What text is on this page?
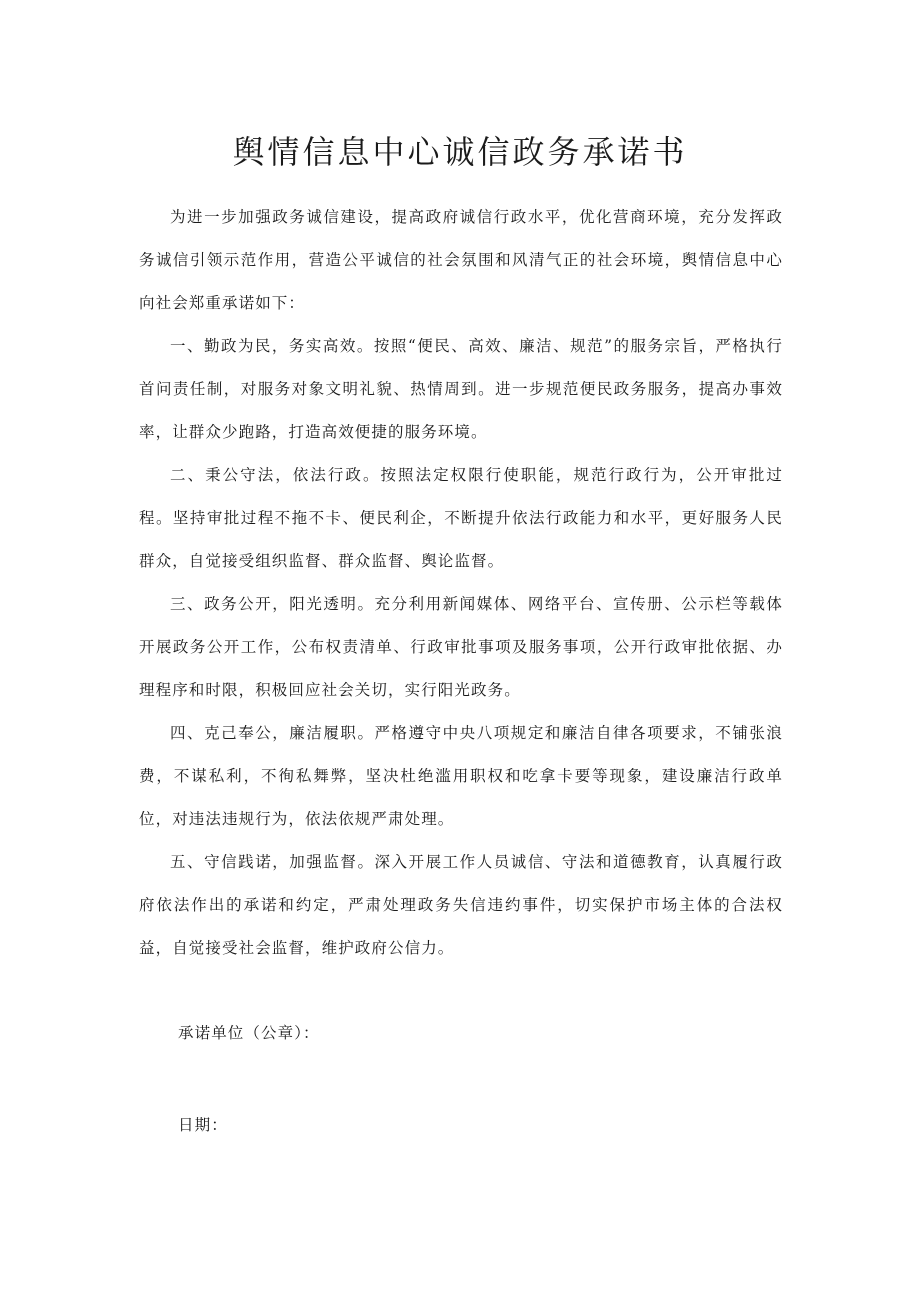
舆情信息中心诚信政务承诺书

为进一步加强政务诚信建设，提高政府诚信行政水平，优化营商环境，充分发挥政务诚信引领示范作用，营造公平诚信的社会氛围和风清气正的社会环境，舆情信息中心向社会郑重承诺如下：

一、勤政为民，务实高效。按照“便民、高效、廉洁、规范”的服务宗旨，严格执行首问责任制，对服务对象文明礼貌、热情周到。进一步规范便民政务服务，提高办事效率，让群众少跑路，打造高效便捷的服务环境。

二、秉公守法，依法行政。按照法定权限行使职能，规范行政行为，公开审批过程。坚持审批过程不拖不卡、便民利企，不断提升依法行政能力和水平，更好服务人民群众，自觉接受组织监督、群众监督、舆论监督。

三、政务公开，阳光透明。充分利用新闻媒体、网络平台、宣传册、公示栏等载体开展政务公开工作，公布权责清单、行政审批事项及服务事项，公开行政审批依据、办理程序和时限，积极回应社会关切，实行阳光政务。

四、克己奉公，廉洁履职。严格遵守中央八项规定和廉洁自律各项要求，不铺张浪费，不谋私利，不徇私舞弊，坚决杜绝滥用职权和吃拿卡要等现象，建设廉洁行政单位，对违法违规行为，依法依规严肃处理。

五、守信践诺，加强监督。深入开展工作人员诚信、守法和道德教育，认真履行政府依法作出的承诺和约定，严肃处理政务失信违约事件，切实保护市场主体的合法权益，自觉接受社会监督，维护政府公信力。

承诺单位（公章）：
日期：
